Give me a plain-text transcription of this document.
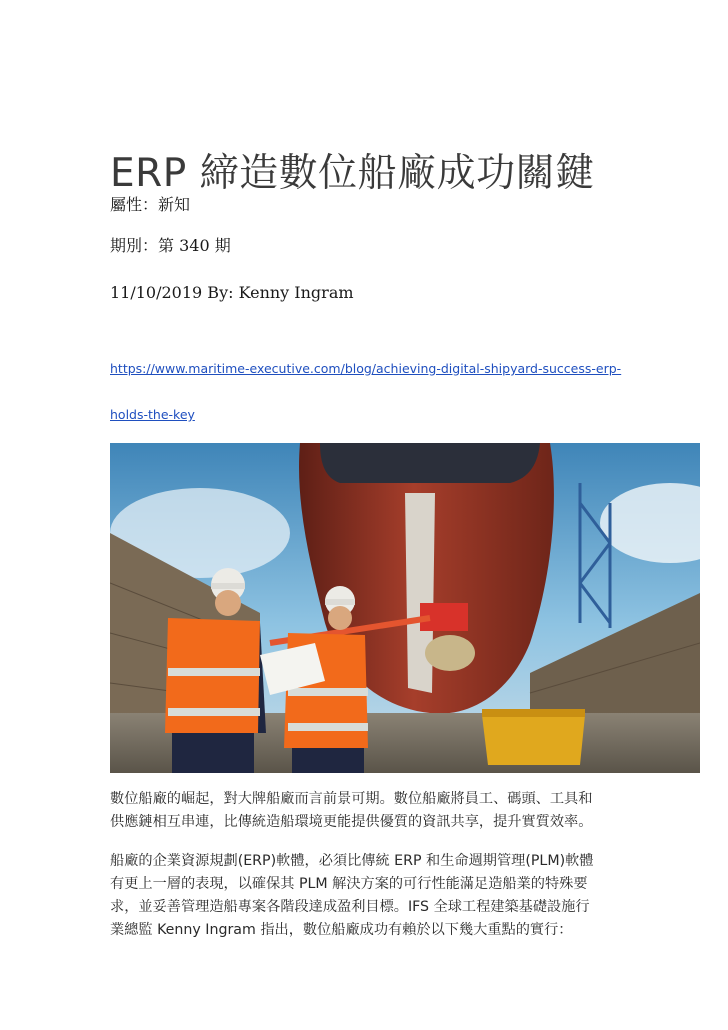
ERP 締造數位船廠成功關鍵
屬性：新知
期別：第 340 期
11/10/2019 By: Kenny Ingram
https://www.maritime-executive.com/blog/achieving-digital-shipyard-success-erp-
holds-the-key
數位船廠的崛起，對大牌船廠而言前景可期。數位船廠將員工、碼頭、工具和
供應鏈相互串連，比傳統造船環境更能提供優質的資訊共享，提升實質效率。
船廠的企業資源規劃(ERP)軟體，必須比傳統 ERP 和生命週期管理(PLM)軟體
有更上一層的表現，以確保其 PLM 解決方案的可行性能滿足造船業的特殊要
求，並妥善管理造船專案各階段達成盈利目標。IFS 全球工程建築基礎設施行
業總監 Kenny Ingram 指出，數位船廠成功有賴於以下幾大重點的實行：
